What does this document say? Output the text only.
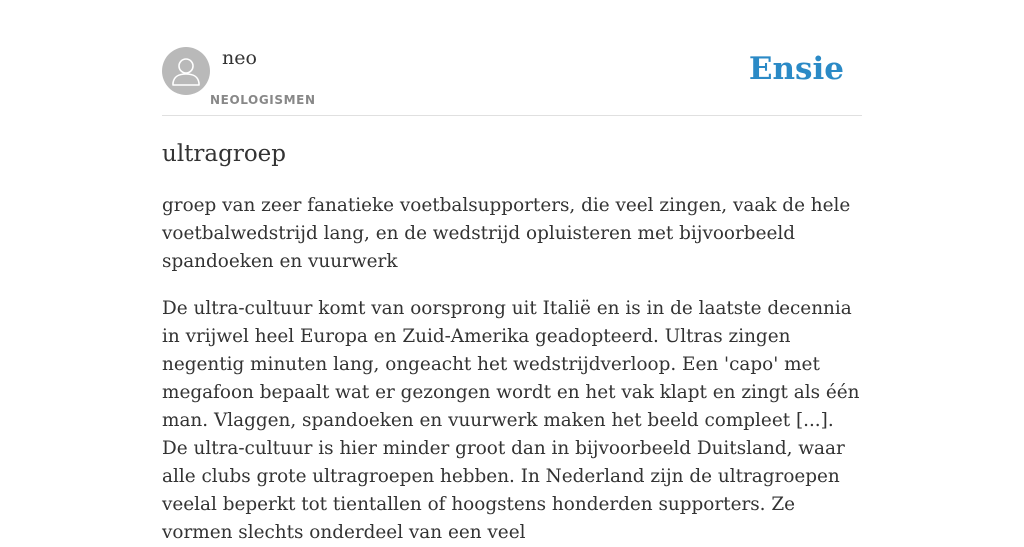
neo
NEOLOGISMEN
Ensie
ultragroep

groep van zeer fanatieke voetbalsupporters, die veel zingen, vaak de hele voetbalwedstrijd lang, en de wedstrijd opluisteren met bijvoorbeeld spandoeken en vuurwerk

De ultra-cultuur komt van oorsprong uit Italië en is in de laatste decennia in vrijwel heel Europa en Zuid-Amerika geadopteerd. Ultras zingen negentig minuten lang, ongeacht het wedstrijdverloop. Een 'capo' met megafoon bepaalt wat er gezongen wordt en het vak klapt en zingt als één man. Vlaggen, spandoeken en vuurwerk maken het beeld compleet [...]. De ultra-cultuur is hier minder groot dan in bijvoorbeeld Duitsland, waar alle clubs grote ultragroepen hebben. In Nederland zijn de ultragroepen veelal beperkt tot tientallen of hoogstens honderden supporters. Ze vormen slechts onderdeel van een veel
